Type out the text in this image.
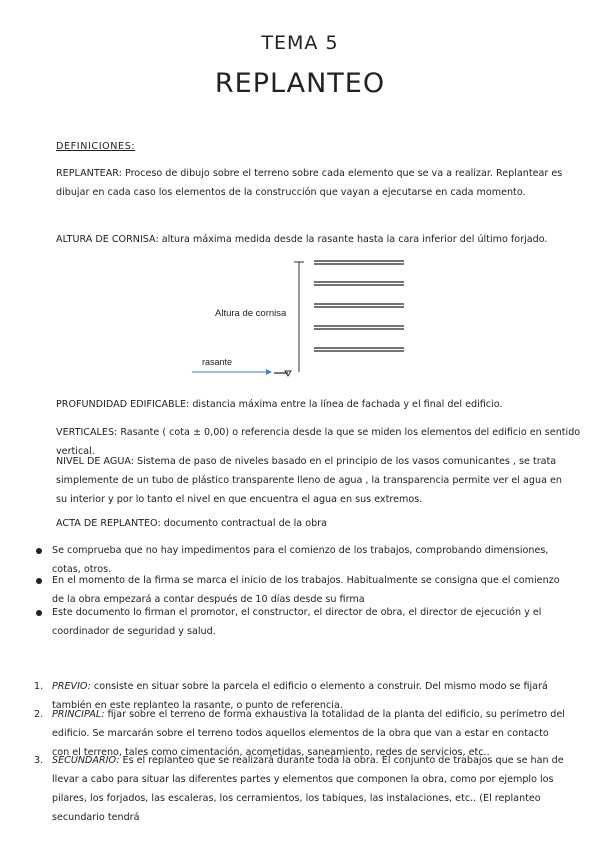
TEMA 5
REPLANTEO
DEFINICIONES:
REPLANTEAR: Proceso de dibujo sobre el terreno sobre cada elemento que se va a realizar. Replantear es dibujar en cada caso los elementos de la construcción que vayan a ejecutarse en cada momento.
ALTURA DE CORNISA: altura máxima medida desde la rasante hasta la cara inferior del último forjado.
Altura de cornisa
rasante
PROFUNDIDAD EDIFICABLE: distancia máxima entre la línea de fachada y el final del edificio.
VERTICALES: Rasante ( cota ± 0,00) o referencia desde la que se miden los elementos del edificio en sentido vertical.
NIVEL DE AGUA: Sistema de paso de niveles basado en el principio de los vasos comunicantes , se trata simplemente de un tubo de plástico transparente lleno de agua , la transparencia permite ver el agua en su interior y por lo tanto el nivel en que encuentra el agua en sus extremos.
ACTA DE REPLANTEO: documento contractual de la obra
Se comprueba que no hay impedimentos para el comienzo de los trabajos, comprobando dimensiones, cotas, otros.
En el momento de la firma se marca el inicio de los trabajos. Habitualmente se consigna que el comienzo de la obra empezará a contar después de 10 días desde su firma
Este documento lo firman el promotor, el constructor, el director de obra, el director de ejecución y el coordinador de seguridad y salud.
1. PREVIO: consiste en situar sobre la parcela el edificio o elemento a construir. Del mismo modo se fijará también en este replanteo la rasante, o punto de referencia.
2. PRINCIPAL: fijar sobre el terreno de forma exhaustiva la totalidad de la planta del edificio, su perímetro del edificio. Se marcarán sobre el terreno todos aquellos elementos de la obra que van a estar en contacto con el terreno, tales como cimentación, acometidas, saneamiento, redes de servicios, etc..
3. SECUNDARIO: Es el replanteo que se realizará durante toda la obra. El conjunto de trabajos que se han de llevar a cabo para situar las diferentes partes y elementos que componen la obra, como por ejemplo los pilares, los forjados, las escaleras, los cerramientos, los tabiques, las instalaciones, etc.. (El replanteo secundario tendrá
